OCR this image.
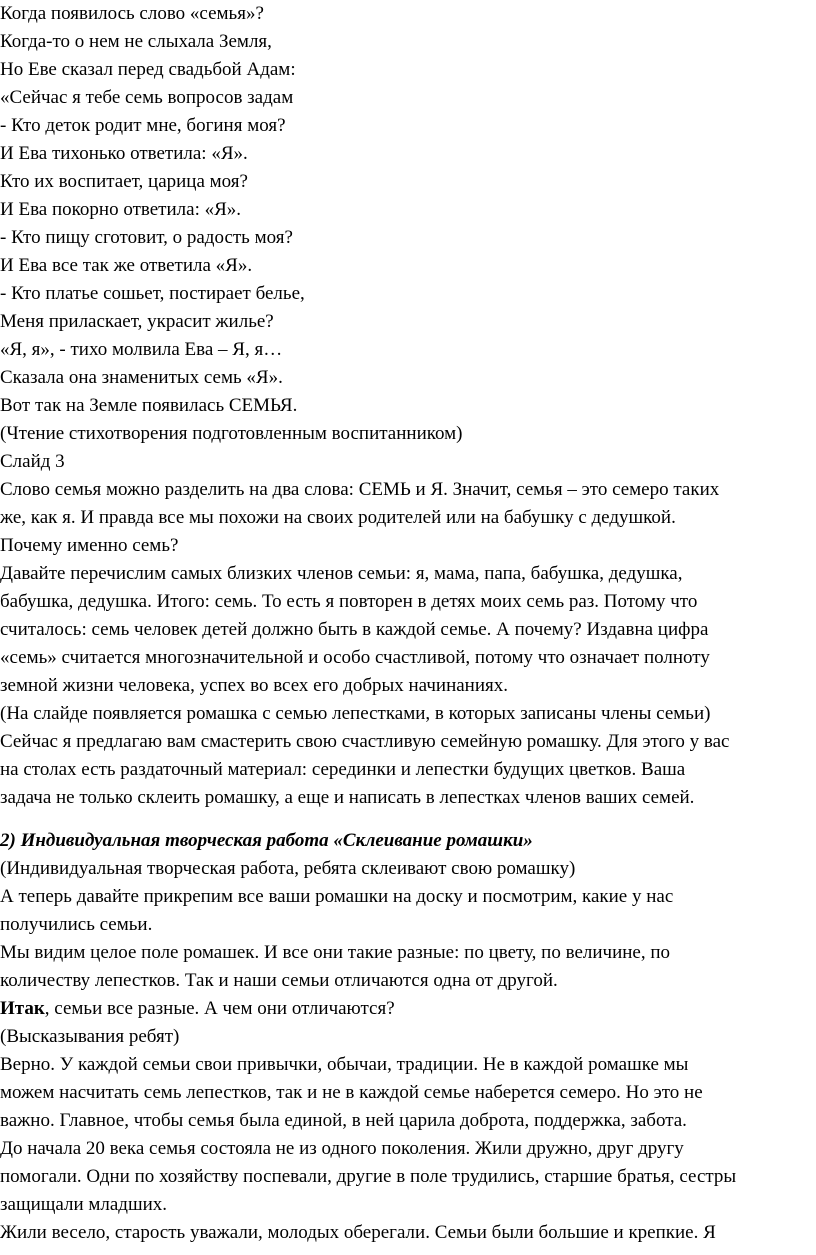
Когда появилось слово «семья»?

Когда-то о нем не слыхала Земля,

Но Еве сказал перед свадьбой Адам:

«Сейчас я тебе семь вопросов задам

- Кто деток родит мне, богиня моя?

И Ева тихонько ответила: «Я».

Кто их воспитает, царица моя?

И Ева покорно ответила: «Я».

- Кто пищу сготовит, о радость моя?

И Ева все так же ответила «Я».

- Кто платье сошьет, постирает белье,

Меня приласкает, украсит жилье?

«Я, я», - тихо молвила Ева – Я, я…

Сказала она знаменитых семь «Я».

Вот так на Земле появилась СЕМЬЯ.

(Чтение стихотворения подготовленным воспитанником)

Слайд 3

Слово семья можно разделить на два слова: СЕМЬ и Я. Значит, семья – это семеро таких

же, как я. И правда все мы похожи на своих родителей или на бабушку с дедушкой.

Почему именно семь?

Давайте перечислим самых близких членов семьи: я, мама, папа, бабушка, дедушка,

бабушка, дедушка. Итого: семь. То есть я повторен в детях моих семь раз. Потому что

считалось: семь человек детей должно быть в каждой семье. А почему? Издавна цифра

«семь» считается многозначительной и особо счастливой, потому что означает полноту

земной жизни человека, успех во всех его добрых начинаниях.

(На слайде появляется ромашка с семью лепестками, в которых записаны члены семьи)

Сейчас я предлагаю вам смастерить свою счастливую семейную ромашку. Для этого у вас

на столах есть раздаточный материал: серединки и лепестки будущих цветков. Ваша

задача не только склеить ромашку, а еще и написать в лепестках членов ваших семей.

2) Индивидуальная творческая работа «Склеивание ромашки»

(Индивидуальная творческая работа, ребята склеивают свою ромашку)

А теперь давайте прикрепим все ваши ромашки на доску и посмотрим, какие у нас

получились семьи.

Мы видим целое поле ромашек. И все они такие разные: по цвету, по величине, по

количеству лепестков. Так и наши семьи отличаются одна от другой.

Итак, семьи все разные. А чем они отличаются?

(Высказывания ребят)

Верно. У каждой семьи свои привычки, обычаи, традиции. Не в каждой ромашке мы

можем насчитать семь лепестков, так и не в каждой семье наберется семеро. Но это не

важно. Главное, чтобы семья была единой, в ней царила доброта, поддержка, забота.

До начала 20 века семья состояла не из одного поколения. Жили дружно, друг другу

помогали. Одни по хозяйству поспевали, другие в поле трудились, старшие братья, сестры

защищали младших.

Жили весело, старость уважали, молодых оберегали. Семьи были большие и крепкие. Я
